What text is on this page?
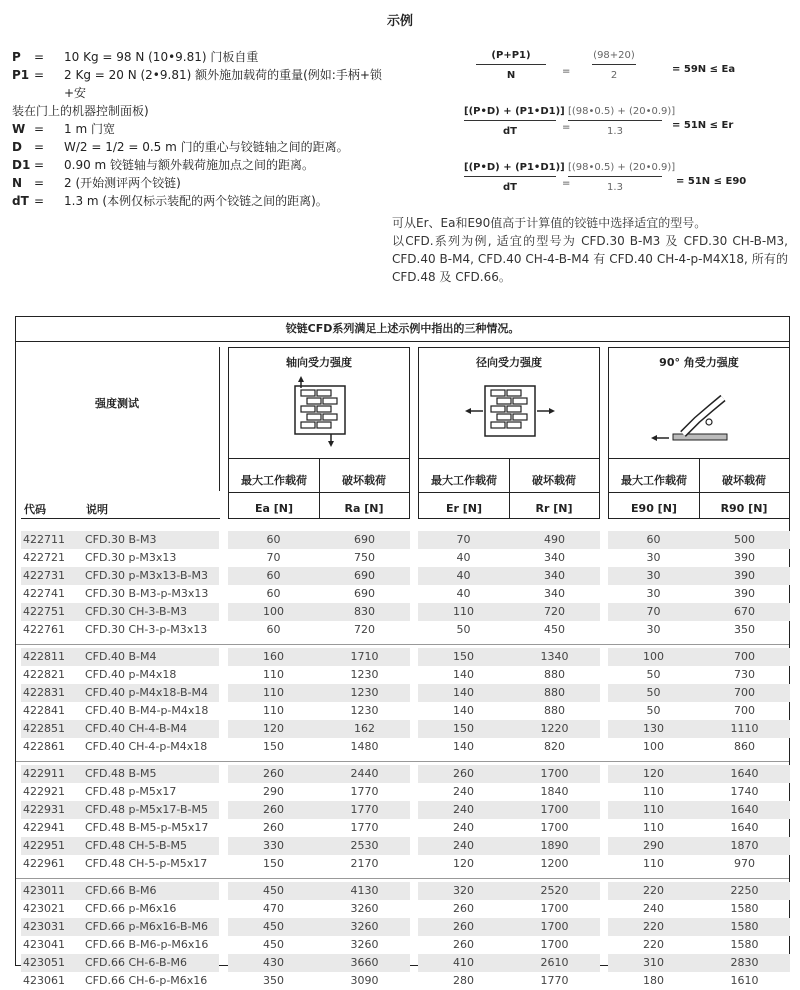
示例
P	=	10 Kg = 98 N (10•9.81) 门板自重
P1 =	2 Kg = 20 N (2•9.81) 额外施加载荷的重量(例如:手柄+锁+安
装在门上的机器控制面板)
W =	1 m 门宽
D	=	W/2 = 1/2 = 0.5 m 门的重心与铰链轴之间的距离。
D1 =	0.90 m 铰链轴与额外载荷施加点之间的距离。
N =	2 (开始测评两个铰链)
dT =	1.3 m (本例仅标示装配的两个铰链之间的距离)。
$\frac{(P+P1)}{N} = \frac{(98+20)}{2}$	= 59N ≤ Ea
$\frac{[(P•D) + (P1•D1)]}{dT}$ =
$\frac{[(98•0.5) + (20•0.9)]}{1.3} = 51N \le Er$
$\frac{[(P•D) + (P1•D1)]}{dT}$ =
$\frac{[(98•0.5) + (20•0.9)]}{1.3} = 51N \le E90$
可从Er、Ea和E90值高于计算值的铰链中选择适宜的型号。
以CFD.系列为例, 适宜的型号为 CFD.30 B-M3 及 CFD.30 CH-B-M3, CFD.40 B-M4, CFD.40 CH-4-B-M4 有 CFD.40 CH-4-p-M4X18, 所有的 CFD.48 及 CFD.66。
铰链CFD系列满足上述示例中指出的三种情况。
强度测试
轴向受力强度
最大工作载荷	破坏载荷
Ea [N]	Ra [N]
径向受力强度
最大工作载荷	破坏载荷
Er [N]	Rr [N]
90° 角受力强度
最大工作载荷	破坏载荷
E90 [N]	R90 [N]
代码	说明
422711	CFD.30 B-M3	60	690	70	490	60	500
422721	CFD.30 p-M3x13	70	750	40	340	30	390
422731	CFD.30 p-M3x13-B-M3	60	690	40	340	30	390
422741	CFD.30 B-M3-p-M3x13	60	690	40	340	30	390
422751	CFD.30 CH-3-B-M3	100	830	110	720	70	670
422761	CFD.30 CH-3-p-M3x13	60	720	50	450	30	350
422811	CFD.40 B-M4	160	1710	150	1340	100	700
422821	CFD.40 p-M4x18	110	1230	140	880	50	730
422831	CFD.40 p-M4x18-B-M4	110	1230	140	880	50	700
422841	CFD.40 B-M4-p-M4x18	110	1230	140	880	50	700
422851	CFD.40 CH-4-B-M4	120	162	150	1220	130	1110
422861	CFD.40 CH-4-p-M4x18	150	1480	140	820	100	860
422911	CFD.48 B-M5	260	2440	260	1700	120	1640
422921	CFD.48 p-M5x17	290	1770	240	1840	110	1740
422931	CFD.48 p-M5x17-B-M5	260	1770	240	1700	110	1640
422941	CFD.48 B-M5-p-M5x17	260	1770	240	1700	110	1640
422951	CFD.48 CH-5-B-M5	330	2530	240	1890	290	1870
422961	CFD.48 CH-5-p-M5x17	150	2170	120	1200	110	970
423011	CFD.66 B-M6	450	4130	320	2520	220	2250
423021	CFD.66 p-M6x16	470	3260	260	1700	240	1580
423031	CFD.66 p-M6x16-B-M6	450	3260	260	1700	220	1580
423041	CFD.66 B-M6-p-M6x16	450	3260	260	1700	220	1580
423051	CFD.66 CH-6-B-M6	430	3660	410	2610	310	2830
423061	CFD.66 CH-6-p-M6x16	350	3090	280	1770	180	1610
